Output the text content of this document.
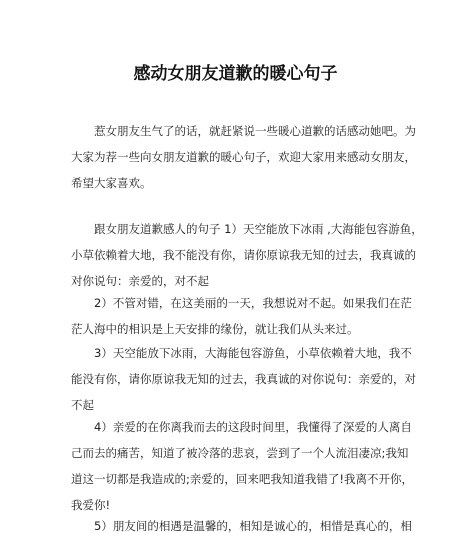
感动女朋友道歉的暖心句子
惹女朋友生气了的话，就赶紧说一些暖心道歉的话感动她吧。为
大家为荐一些向女朋友道歉的暖心句子，欢迎大家用来感动女朋友，
希望大家喜欢。
跟女朋友道歉感人的句子 1）天空能放下冰雨 ,大海能包容游鱼，
小草依赖着大地，我不能没有你，请你原谅我无知的过去，我真诚的
对你说句：亲爱的，对不起
2）不管对错，在这美丽的一天，我想说对不起。如果我们在茫
茫人海中的相识是上天安排的缘份，就让我们从头来过。
3）天空能放下冰雨，大海能包容游鱼，小草依赖着大地，我不
能没有你，请你原谅我无知的过去，我真诚的对你说句：亲爱的，对
不起
4）亲爱的在你离我而去的这段时间里，我懂得了深爱的人离自
己而去的痛苦，知道了被冷落的悲哀，尝到了一个人流泪凄凉;我知
道这一切都是我造成的;亲爱的，回来吧我知道我错了!我离不开你，
我爱你!
5）朋友间的相遇是温馨的，相知是诚心的，相惜是真心的，相
